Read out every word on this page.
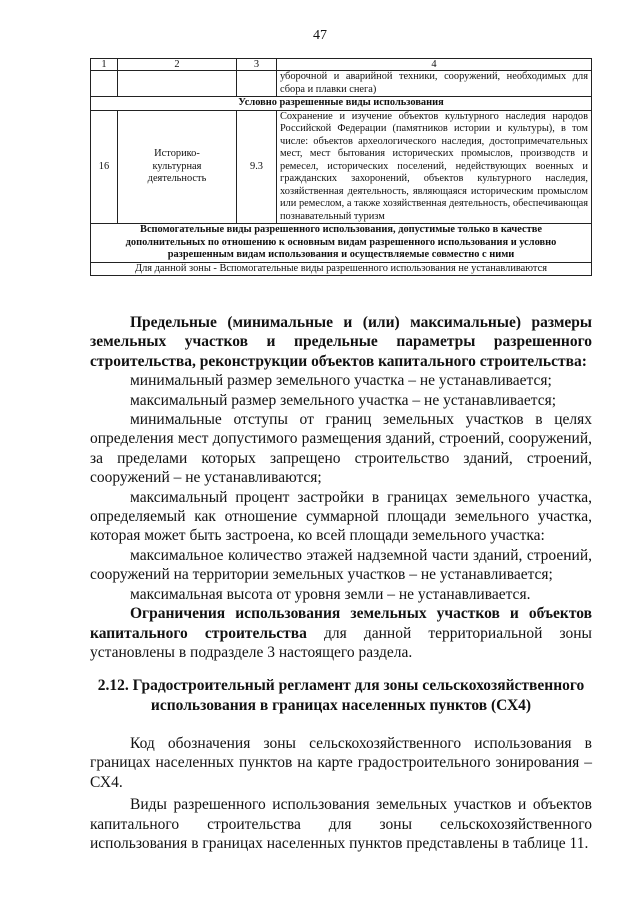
47
1	2	3	4
			уборочной и аварийной техники, сооружений, необходимых для сбора и плавки снега)
Условно разрешенные виды использования			
16	Историко-культурная деятельность	9.3	Сохранение и изучение объектов культурного наследия народов Российской Федерации (памятников истории и культуры), в том числе: объектов археологического наследия, достопримечательных мест, мест бытования исторических промыслов, производств и ремесел, исторических поселений, недействующих военных и гражданских захоронений, объектов культурного наследия, хозяйственная деятельность, являющаяся историческим промыслом или ремеслом, а также хозяйственная деятельность, обеспечивающая познавательный туризм
Вспомогательные виды разрешенного использования, допустимые только в качестве дополнительных по отношению к основным видам разрешенного использования и условно разрешенным видам использования и осуществляемые совместно с ними			
Для данной зоны - Вспомогательные виды разрешенного использования не устанавливаются			

Предельные (минимальные и (или) максимальные) размеры земельных участков и предельные параметры разрешенного строительства, реконструкции объектов капитального строительства:

минимальный размер земельного участка – не устанавливается;

максимальный размер земельного участка – не устанавливается;

минимальные отступы от границ земельных участков в целях определения мест допустимого размещения зданий, строений, сооружений, за пределами которых запрещено строительство зданий, строений, сооружений – не устанавливаются;

максимальный процент застройки в границах земельного участка, определяемый как отношение суммарной площади земельного участка, которая может быть застроена, ко всей площади земельного участка:

максимальное количество этажей надземной части зданий, строений, сооружений на территории земельных участков – не устанавливается;

максимальная высота от уровня земли – не устанавливается.

Ограничения использования земельных участков и объектов капитального строительства для данной территориальной зоны установлены в подразделе 3 настоящего раздела.

2.12. Градостроительный регламент для зоны сельскохозяйственного использования в границах населенных пунктов (СХ4)

Код обозначения зоны сельскохозяйственного использования в границах населенных пунктов на карте градостроительного зонирования – СХ4.

Виды разрешенного использования земельных участков и объектов капитального строительства для зоны сельскохозяйственного использования в границах населенных пунктов представлены в таблице 11.
